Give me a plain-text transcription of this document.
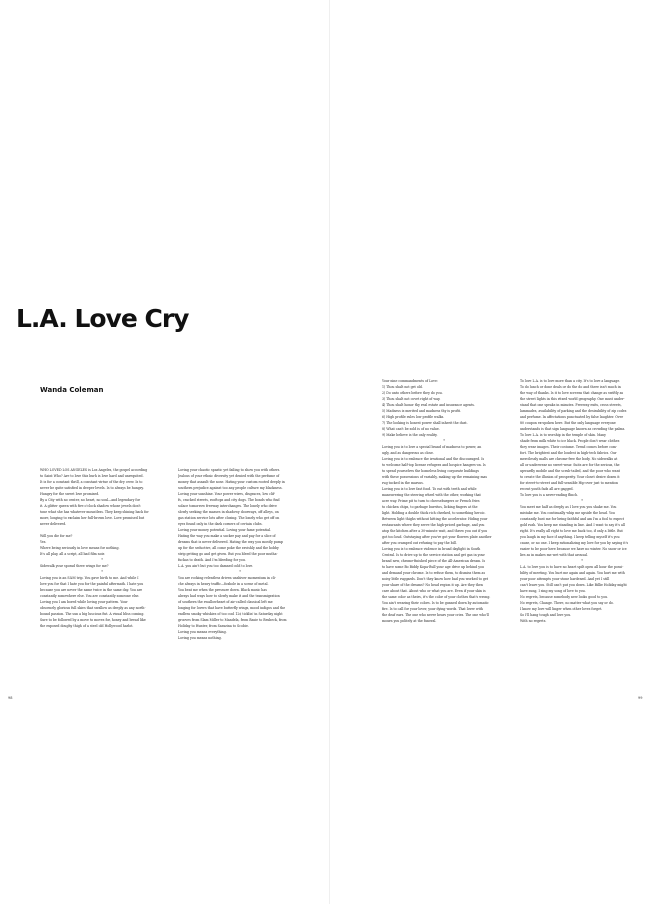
L.A. Love Cry
Wanda Coleman

WHO LOVED LOS ANGELES is Los Angeles, the gospel according

to Saint Who? Are to love this burh is love hard and unrequited.

It is for a constant thrill, a constant virtue of the dry crew. Is to

never be quite satisfied in deeper levels. Is to always be hungry.

Hungry for the sweet love promised.

By a City with no center, no heart, no soul—and legendary for

it. A glitter queen with five o'clock shadow whose jewels don't

tone what she has whatever mountless. They keep shining back for

more, longing to exclaim her full-brown love. Love promised but

never delivered.

Will you die for me?

Yes.

Where being seriously in love means for nothing.

It's all play, all a script, all bad film noir.

*

Sidewalk your sporad three wings for me?

*

Loving you is an S&M trip. You gave birth to me. And while I

love you for that I hate you for the painful aftermath. I hate you

because you are never the same twice in the same day. You are

constantly somewhere else. You are constantly someone else.

Loving you I am bored while loving your pattern. Your

obscenely glorious full skies that swallow as deeply as any north-

bound passion. The sun a big luscious fist. A visual bliss coming.

Sure to be followed by a move to moves for, honey and bread like

the exposed doughy thigh of a steel old Hollywood harlot.

Loving your chaotic spastic yet failing to show you with others.

Jealous of your ethnic diversity yet denied with the perfume of

money that assault the nose. Hating your custom rooted deeply in

southern prejudice against too any people culture my blackness.

Loving your sunshine. Your power wires, disgraces, low clif-

fs, cracked streets, rooftops and city dogs. The bonds who find

solace tomorrow freeway interchanges. The lonely who drive

slowly seeking the masses in shadowy doorways, off alleys, on

gas station service lots after closing. The lonely who get off on

eyes found only in the dark corners of certain clubs.

Loving your money potential. Loving your fame potential.

Hating the way you make a sucker pay and pay for a slice of

dreams that is never delivered. Hating the way you mostly pump

up for the seductive, all come poke the ravishly and the hobby

strip getting go and get given. But you bleed the poor mutha-

fuckas to death. And I'm bleeding for you.

L.A. you ain't but you too damned cold to love.

*

You are rocking relentless driven unshiver momentum in cli-

che always in heavy traffic—foxhole in a scene of metal.

You beat me when the pressure down. Black music has

always had ways how to slowly make it and the transmigration

of southern the swallowheart of air-called classical left me

longing for lovers that have butterfly wings, mood indigos and the

endless smoky whiskies of too cool 12¢ ticklin' in Saturday night

grooves from Slam Miller to Mandela, from Basie to Brubeck, from

Holiday to Hunter, from Sarazina to Scobie.

Loving you means everything.

Loving you means nothing.

Your nine commandments of Love:

1) Thou shalt not get old.

2) Do unto others before they do you.

3) Thou shalt not covet right of way.

4) Thou shalt honor thy real estate and insurance agents.

5) Madness is merited and madness thy is profit.

6) High profile rules low profile walks.

7) The looking is honest power shall inherit the dust.

8) What can't be sold is of no value.

9) Make believe is the only reality.

*

Loving you is to love a special brand of madness to power, an

ugly, and as dangerous as close.

Loving you is to embrace the irrational and the discouraged. Is

to welcome half-top license refugees and hospice hangers-on. Is

to spend yourselves the homeless living corporate buildings

with these possessions of variably, making up the remaining mas

rug tucked in the marsus.

Loving you is to love fast food. To eat with teeth and while

maneuvering the steering wheel with the other, working that

acre way. Prime pit to turn to cheeseburgers or French fries

to chicken chips, to garbage burritos, licking fingers at the

light. Holding a double thick rich cheeked, to something heroic.

Between light thighs without hitting the accelerator. Hiding your

restaurants where they serve the high-priced garbage, and you

atop the kitchen after a 30-minute wait, and throw you out if you

got too loud. Outstaying after you've got your flowers plate another

after you cramped out refusing to pay the bill.

Loving you is to embrace violence in broad daylight in South

Central. Is to drive up to the service station and get gas in your

brand new, chrome-finished piece of the All-American dream. Is

to have some Bo Biddy Kopa-Bull your age drive up behind you

and demand your chrome. Is to refuse them, to dismiss them as

noisy little ruggards. Don't they know how bad you worked to get

your share of the dreams? No head region it up. Are they then

care about that. About who or what you are. Even if your skin is

the same color as theirs, it's the color of your clothes that's wrong.

You ain't wearing their colors. Is to be gunned down by automatic

fire. Is to call for your lover, your dying words. That lover with

the deaf ears. The one who never hears your cries. The one who'll

mourn you politely at the funeral.

To love L.A. is to love more than a city. It's to love a language.

To do lunch or done deals or do the do and there isn't much in

the way of thanks. Is it to love screens that change as swiftly as

the street lights in this ritzed world geography. One must under-

stand that one speaks in minutes. Freeway exits, cross streets,

lammades, availability of parking and the desirability of zip codes

and perfume. In affectations punctuated by false laughter. Over

80 coupon ex-spoken here. But the only language everyone

understands is that sign language known as crowding the palms.

To love L.A. is to worship in the temple of skin. Many

shade from milk white to ice black. People don't wear clothes

they wear images. Their costume. Trend comes before com-

fort. The brightest and the loudest in high-tech fabrics. Our

mercilessly malls are chrome-free the body. No sidewalks at

all or underwear no sweet-wear. Suits are for the serious, the

upwardly mobile and the scrub-tailed, and the poor who want

to create the illusion of prosperity. Your closet desire dozen it

for street-to-street and full-sensible Hip-over just to mention

recent youth fads all are gagged.

To love you is a never-ending flinch.

*

You meet me half as deeply as I love you you shake me. You

mistake me. You continually whip me upside the head. You

constantly bust me for being faithful and am I'm a fool to expect

gold rush. You keep me standing in line. And I want to say it's all

right. It's really all right to love me back too, if only a little. But

you laugh in my face if anything. I keep telling myself it's you

cause, or no one. I keep rationalizing my love for you by saying it's

easier to be poor here because we have no winter. No snow or ice

lies as in makes me wet with that arousal.

*

L.A. to love you is to have no heart spilt open all hour the possi-

bility of meeting. You hurt me again and again. You hurt me with

your poor attempts your stone hardened. And yet I still

can't leave you. Still can't put you down. Like Billie Holiday might

have sung, I sing my song of love to you.

No regrets, because somebody new looks good to you.

No regrets, Change. There, no matter what you say or do.

I know my love will linger when other loves forget.

So I'll hang tough and love you.

With no regrets.

98	99
